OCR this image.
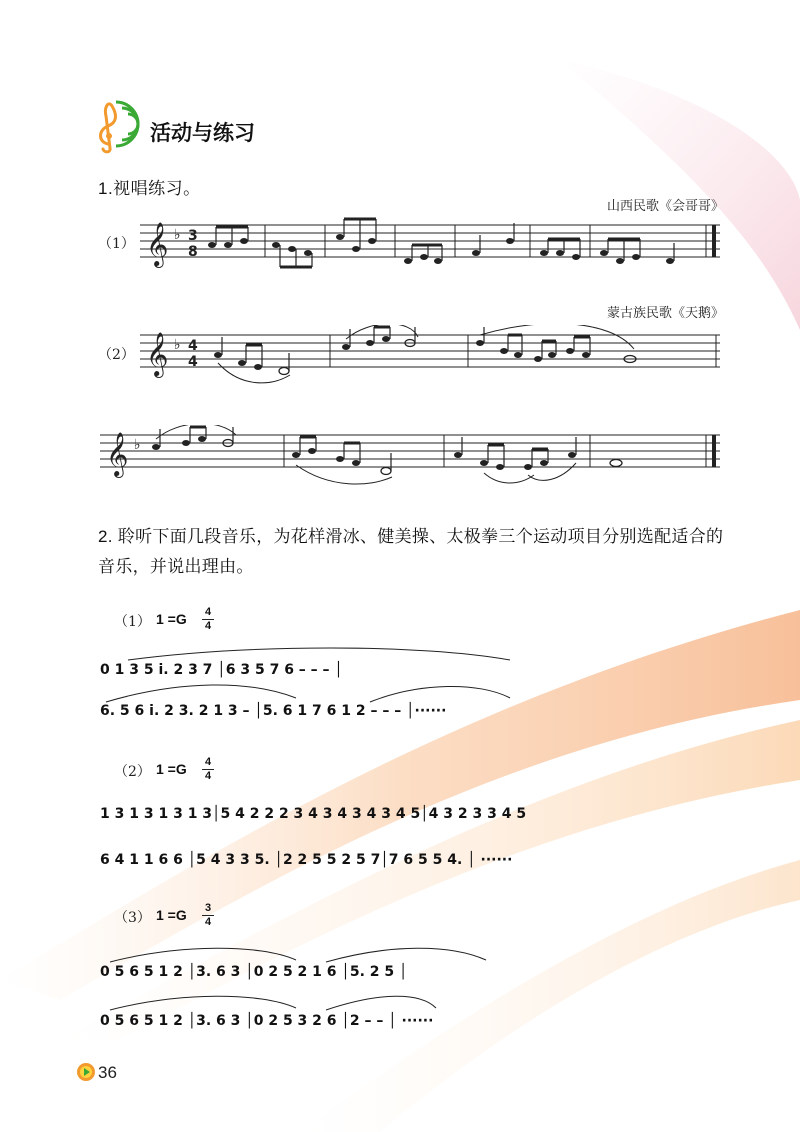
活动与练习
1.视唱练习。
山西民歌《会哥哥》
（1） 𝄞 ♭ 3
8
蒙古族民歌《天鹅》
（2） 𝄞 ♭ 4
4
𝄞 ♭
2. 聆听下面几段音乐，为花样滑冰、健美操、太极拳三个运动项目分别选配适合的音乐，并说出理由。
（1） 1 =G 4
4
0 1 3 5 i. 2 3 7 │6 3 5 7 6 – – – │
6. 5 6 i. 2 3. 2 1 3 – │5. 6 1 7 6 1 2 – – – │······
（2） 1 =G 4
4
1 3 1 3 1 3 1 3│5 4 2 2 2 3 4 3 4 3 4 3 4 5│4 3 2 3 3 4 5
6 4 1 1 6 6 │5 4 3 3 5. │2 2 5 5 2 5 7│7 6 5 5 4. │ ······
（3） 1 =G 3
4
0 5 6 5 1 2 │3. 6 3 │0 2 5 2 1 6 │5. 2 5 │
0 5 6 5 1 2 │3. 6 3 │0 2 5 3 2 6 │2 – – │ ······
36
